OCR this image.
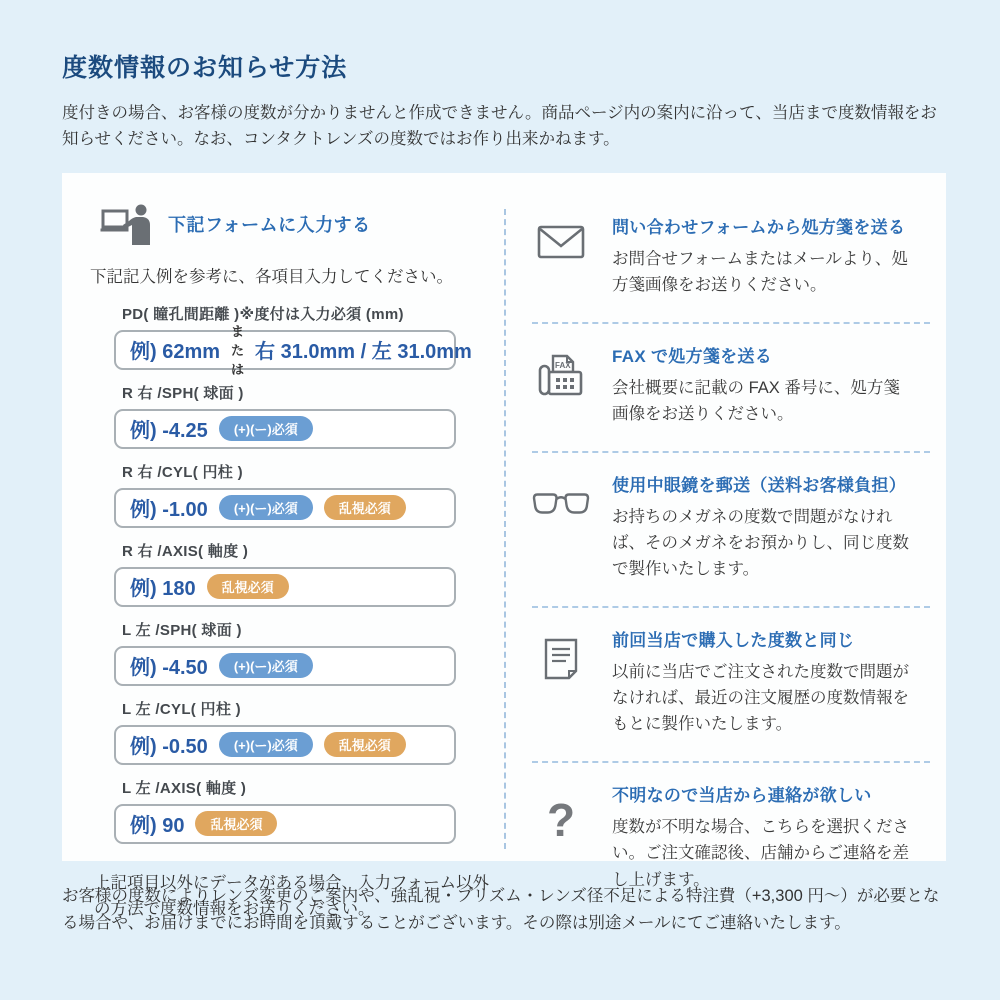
度数情報のお知らせ方法

度付きの場合、お客様の度数が分かりませんと作成できません。商品ページ内の案内に沿って、当店まで度数情報をお知らせください。なお、コンタクトレンズの度数ではお作り出来かねます。

下記フォームに入力する

下記記入例を参考に、各項目入力してください。

PD( 瞳孔間距離 )※度付は入力必須 (mm)
例) 62mm
または
右 31.0mm / 左 31.0mm
R 右 /SPH( 球面 )
例) -4.25	(+)(ー)必須
R 右 /CYL( 円柱 )
例) -1.00	(+)(ー)必須	乱視必須
R 右 /AXIS( 軸度 )
例) 180	乱視必須
L 左 /SPH( 球面 )
例) -4.50	(+)(ー)必須
L 左 /CYL( 円柱 )
例) -0.50	(+)(ー)必須	乱視必須
L 左 /AXIS( 軸度 )
例) 90	乱視必須

上記項目以外にデータがある場合、入力フォーム以外の方法で度数情報をお送りください。

問い合わせフォームから処方箋を送る
お問合せフォームまたはメールより、処方箋画像をお送りください。
FAX FAX で処方箋を送る
会社概要に記載の FAX 番号に、処方箋画像をお送りください。
使用中眼鏡を郵送（送料お客様負担）
お持ちのメガネの度数で問題がなければ、そのメガネをお預かりし、同じ度数で製作いたします。
前回当店で購入した度数と同じ
以前に当店でご注文された度数で問題がなければ、最近の注文履歴の度数情報をもとに製作いたします。
? 不明なので当店から連絡が欲しい
度数が不明な場合、こちらを選択ください。ご注文確認後、店舗からご連絡を差し上げます。

お客様の度数によりレンズ変更のご案内や、強乱視・プリズム・レンズ径不足による特注費（+3,300 円〜）が必要となる場合や、お届けまでにお時間を頂戴することがございます。その際は別途メールにてご連絡いたします。
